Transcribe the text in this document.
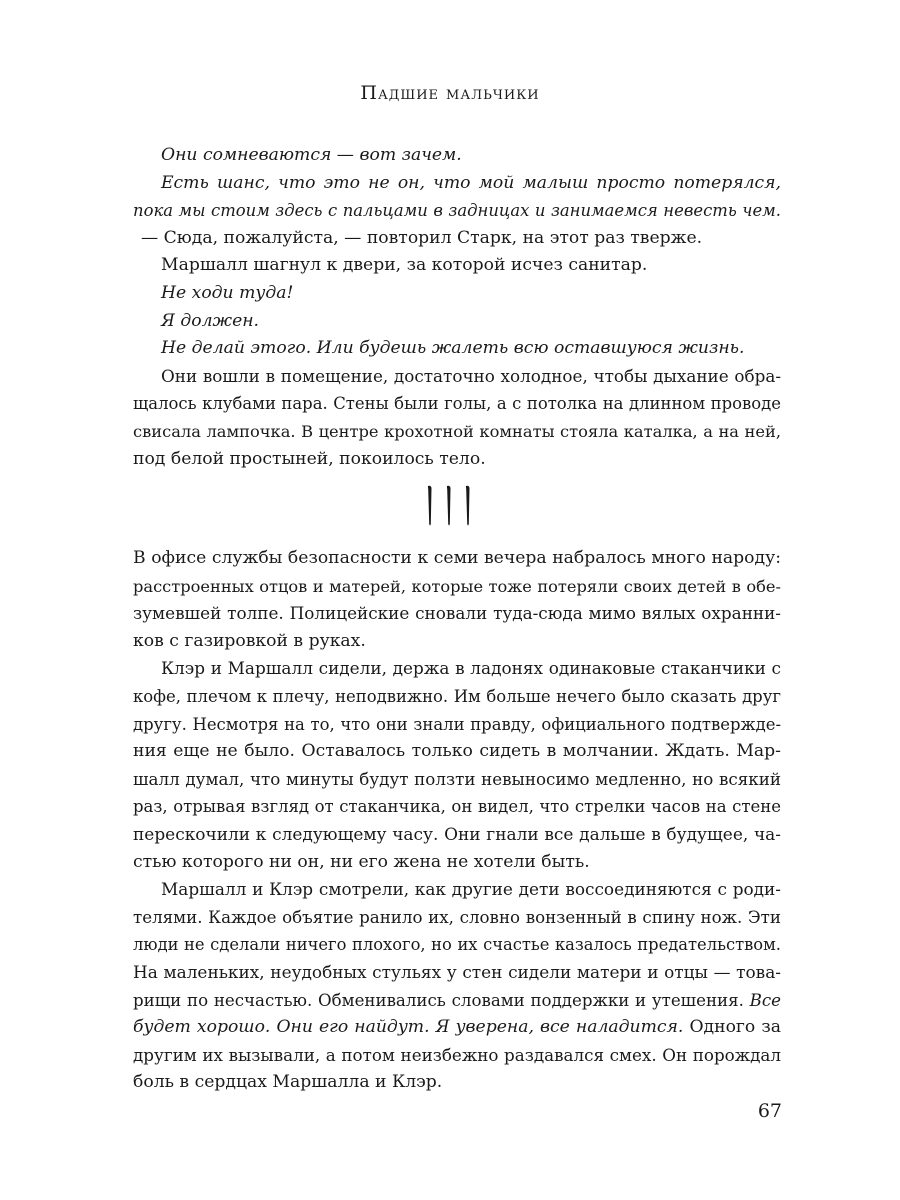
Падшие мальчики
Они сомневаются — вот зачем.
Есть шанс, что это не он, что мой малыш просто потерялся,
пока мы стоим здесь с пальцами в задницах и занимаемся невесть чем.
— Сюда, пожалуйста, — повторил Старк, на этот раз тверже.
Маршалл шагнул к двери, за которой исчез санитар.
Не ходи туда!
Я должен.
Не делай этого. Или будешь жалеть всю оставшуюся жизнь.
Они вошли в помещение, достаточно холодное, чтобы дыхание обра-
щалось клубами пара. Стены были голы, а с потолка на длинном проводе
свисала лампочка. В центре крохотной комнаты стояла каталка, а на ней,
под белой простыней, покоилось тело.
В офисе службы безопасности к семи вечера набралось много народу:
расстроенных отцов и матерей, которые тоже потеряли своих детей в обе-
зумевшей толпе. Полицейские сновали туда-сюда мимо вялых охранни-
ков с газировкой в руках.
Клэр и Маршалл сидели, держа в ладонях одинаковые стаканчики с
кофе, плечом к плечу, неподвижно. Им больше нечего было сказать друг
другу. Несмотря на то, что они знали правду, официального подтвержде-
ния еще не было. Оставалось только сидеть в молчании. Ждать. Мар-
шалл думал, что минуты будут ползти невыносимо медленно, но всякий
раз, отрывая взгляд от стаканчика, он видел, что стрелки часов на стене
перескочили к следующему часу. Они гнали все дальше в будущее, ча-
стью которого ни он, ни его жена не хотели быть.
Маршалл и Клэр смотрели, как другие дети воссоединяются с роди-
телями. Каждое объятие ранило их, словно вонзенный в спину нож. Эти
люди не сделали ничего плохого, но их счастье казалось предательством.
На маленьких, неудобных стульях у стен сидели матери и отцы — това-
рищи по несчастью. Обменивались словами поддержки и утешения. Все
будет хорошо. Они его найдут. Я уверена, все наладится. Одного за
другим их вызывали, а потом неизбежно раздавался смех. Он порождал
боль в сердцах Маршалла и Клэр.
67
